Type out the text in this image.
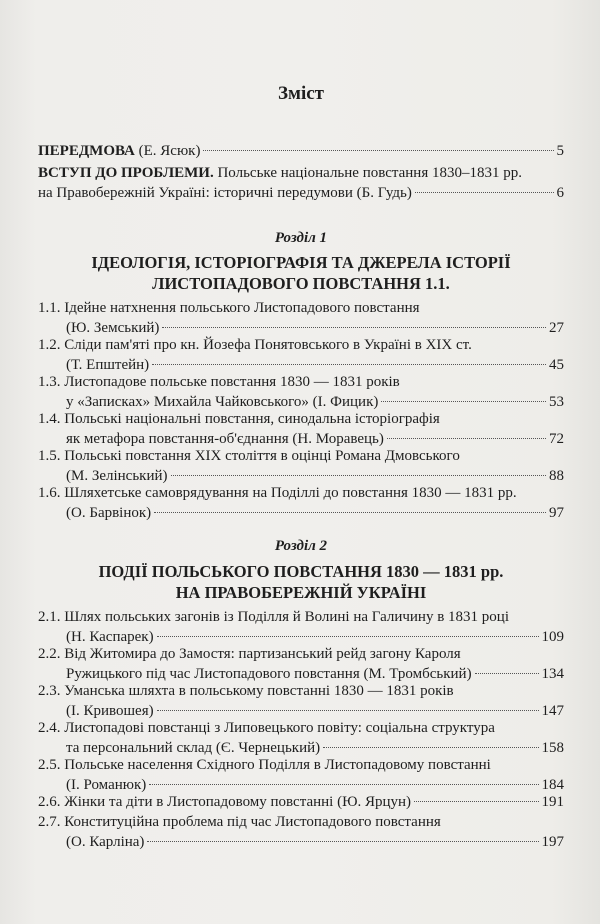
Зміст
ПЕРЕДМОВА (Е. Ясюк)	5
ВСТУП ДО ПРОБЛЕМИ. Польське національне повстання 1830–1831 рр.
на Правобережній Україні: історичні передумови (Б. Гудь)	6
Розділ 1
ІДЕОЛОГІЯ, ІСТОРІОГРАФІЯ ТА ДЖЕРЕЛА ІСТОРІЇ
ЛИСТОПАДОВОГО ПОВСТАННЯ 1.1.
1.1. Ідейне натхнення польського Листопадового повстання
(Ю. Земський)	27
1.2. Сліди пам'яті про кн. Йозефа Понятовського в Україні в XIX ст.
(Т. Епштейн)	45
1.3. Листопадове польське повстання 1830 — 1831 років
у «Записках» Михайла Чайковського» (І. Фицик)	53
1.4. Польські національні повстання, синодальна історіографія
як метафора повстання-об'єднання (Н. Моравець)	72
1.5. Польські повстання XIX століття в оцінці Романа Дмовського
(М. Зелінський)	88
1.6. Шляхетське самоврядування на Поділлі до повстання 1830 — 1831 рр.
(О. Барвінок)	97
Розділ 2
ПОДІЇ ПОЛЬСЬКОГО ПОВСТАННЯ 1830 — 1831 рр.
НА ПРАВОБЕРЕЖНІЙ УКРАЇНІ
2.1. Шлях польських загонів із Поділля й Волині на Галичину в 1831 році
(Н. Каспарек)	109
2.2. Від Житомира до Замостя: партизанський рейд загону Кароля
Ружицького під час Листопадового повстання (М. Тромбський)	134
2.3. Уманська шляхта в польському повстанні 1830 — 1831 років
(І. Кривошея)	147
2.4. Листопадові повстанці з Липовецького повіту: соціальна структура
та персональний склад (Є. Чернецький)	158
2.5. Польське населення Східного Поділля в Листопадовому повстанні
(І. Романюк)	184
2.6. Жінки та діти в Листопадовому повстанні (Ю. Ярцун)	191
2.7. Конституційна проблема під час Листопадового повстання
(О. Карліна)	197
